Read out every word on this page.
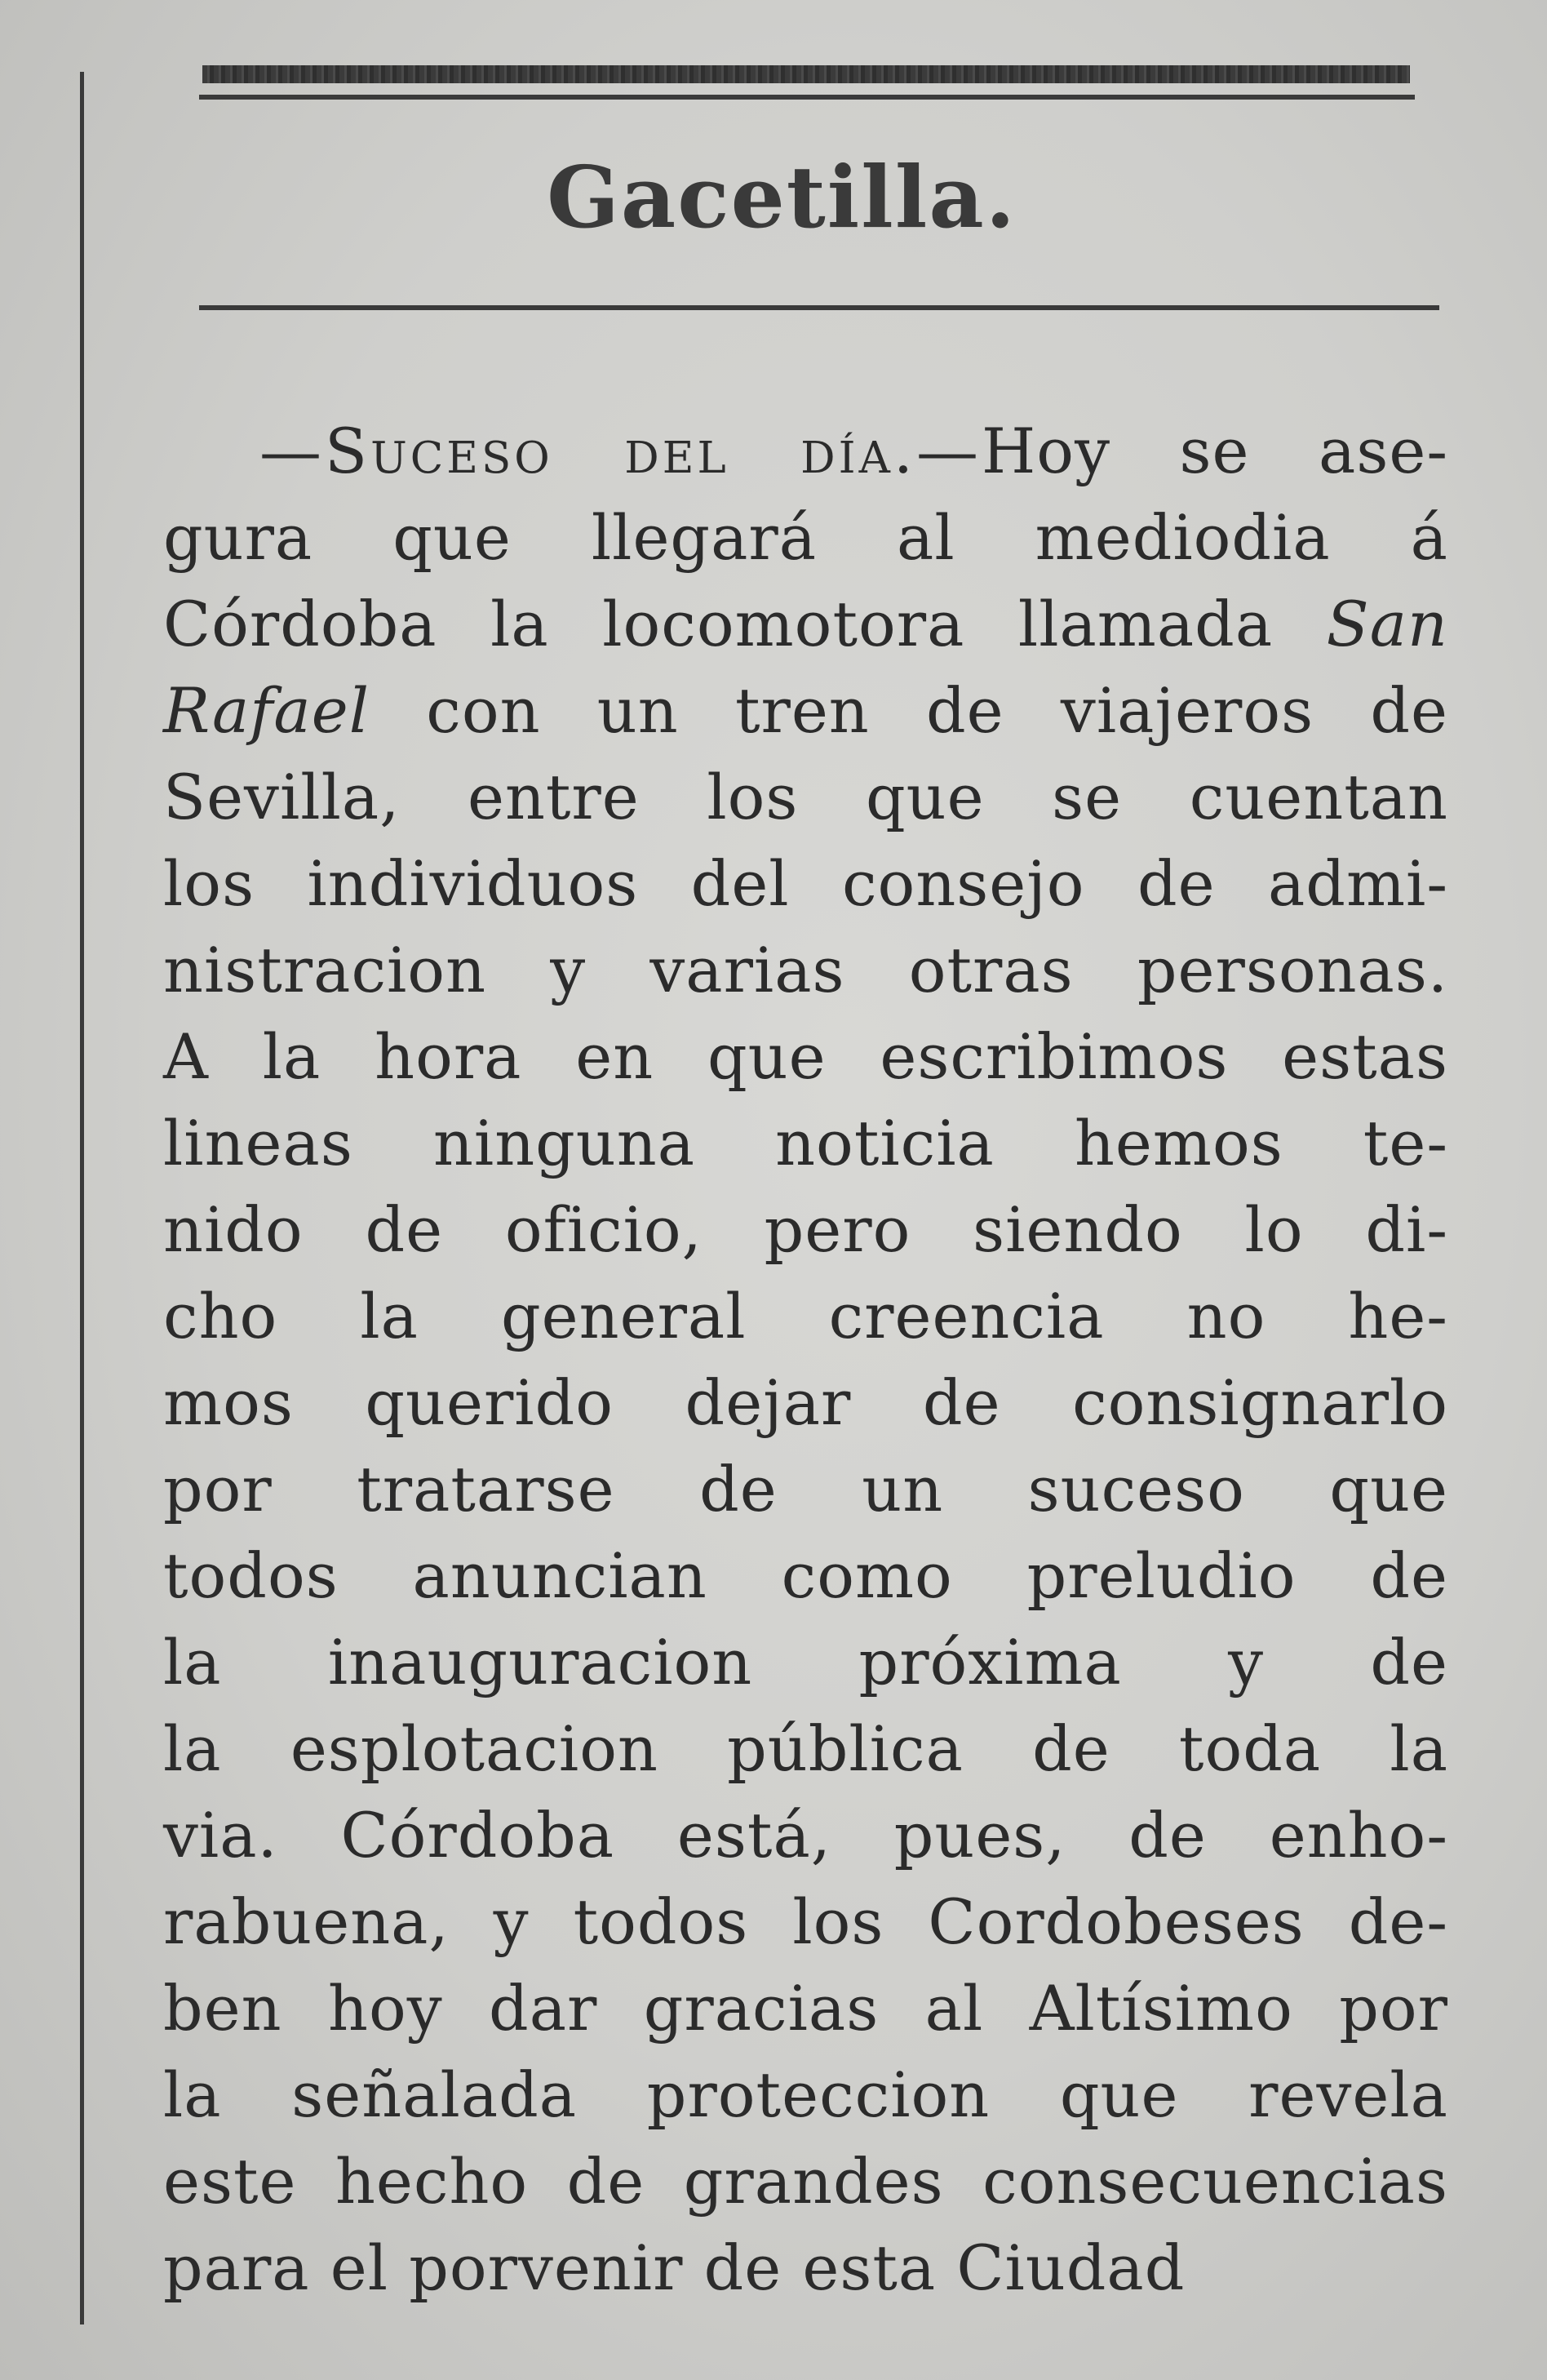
Gacetilla.
—Suceso del día.—Hoy se ase-
gura que llegará al mediodia á
Córdoba la locomotora llamada San
Rafael con un tren de viajeros de
Sevilla, entre los que se cuentan
los individuos del consejo de admi-
nistracion y varias otras personas.
A la hora en que escribimos estas
lineas ninguna noticia hemos te-
nido de oficio, pero siendo lo di-
cho la general creencia no he-
mos querido dejar de consignarlo
por tratarse de un suceso que
todos anuncian como preludio de
la inauguracion próxima y de
la esplotacion pública de toda la
via. Córdoba está, pues, de enho-
rabuena, y todos los Cordobeses de-
ben hoy dar gracias al Altísimo por
la señalada proteccion que revela
este hecho de grandes consecuencias
para el porvenir de esta Ciudad
